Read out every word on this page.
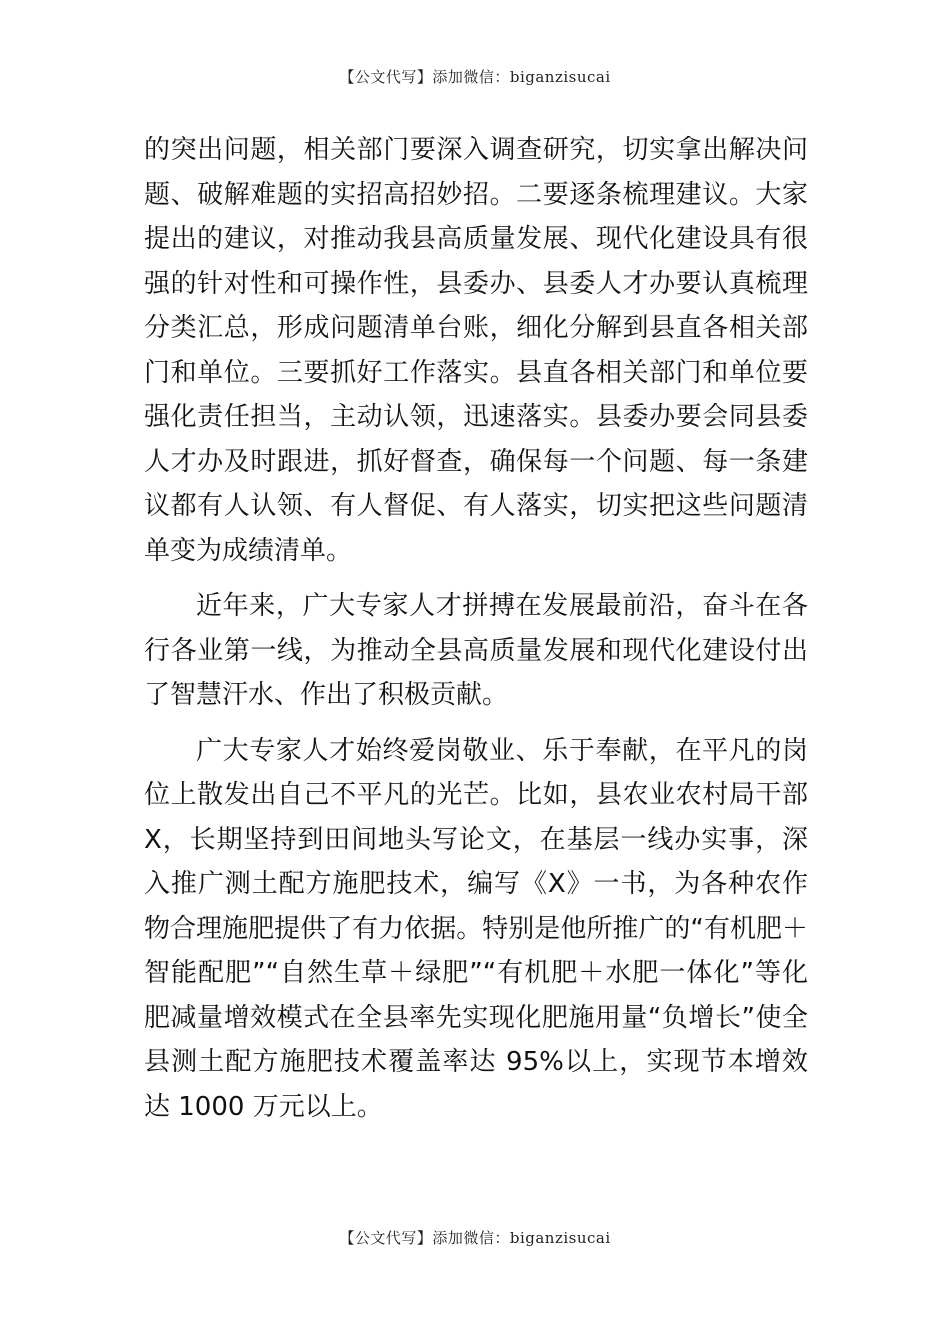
【公文代写】添加微信：biganzisucai

的突出问题，相关部门要深入调查研究，切实拿出解决问题、破解难题的实招高招妙招。二要逐条梳理建议。大家提出的建议，对推动我县高质量发展、现代化建设具有很强的针对性和可操作性，县委办、县委人才办要认真梳理分类汇总，形成问题清单台账，细化分解到县直各相关部门和单位。三要抓好工作落实。县直各相关部门和单位要强化责任担当，主动认领，迅速落实。县委办要会同县委人才办及时跟进，抓好督查，确保每一个问题、每一条建议都有人认领、有人督促、有人落实，切实把这些问题清单变为成绩清单。

近年来，广大专家人才拼搏在发展最前沿，奋斗在各行各业第一线，为推动全县高质量发展和现代化建设付出了智慧汗水、作出了积极贡献。

广大专家人才始终爱岗敬业、乐于奉献，在平凡的岗位上散发出自己不平凡的光芒。比如，县农业农村局干部X，长期坚持到田间地头写论文，在基层一线办实事，深入推广测土配方施肥技术，编写《X》一书，为各种农作物合理施肥提供了有力依据。特别是他所推广的“有机肥＋智能配肥”“自然生草＋绿肥”“有机肥＋水肥一体化”等化肥减量增效模式在全县率先实现化肥施用量“负增长”使全县测土配方施肥技术覆盖率达 95%以上，实现节本增效达 1000 万元以上。

【公文代写】添加微信：biganzisucai
